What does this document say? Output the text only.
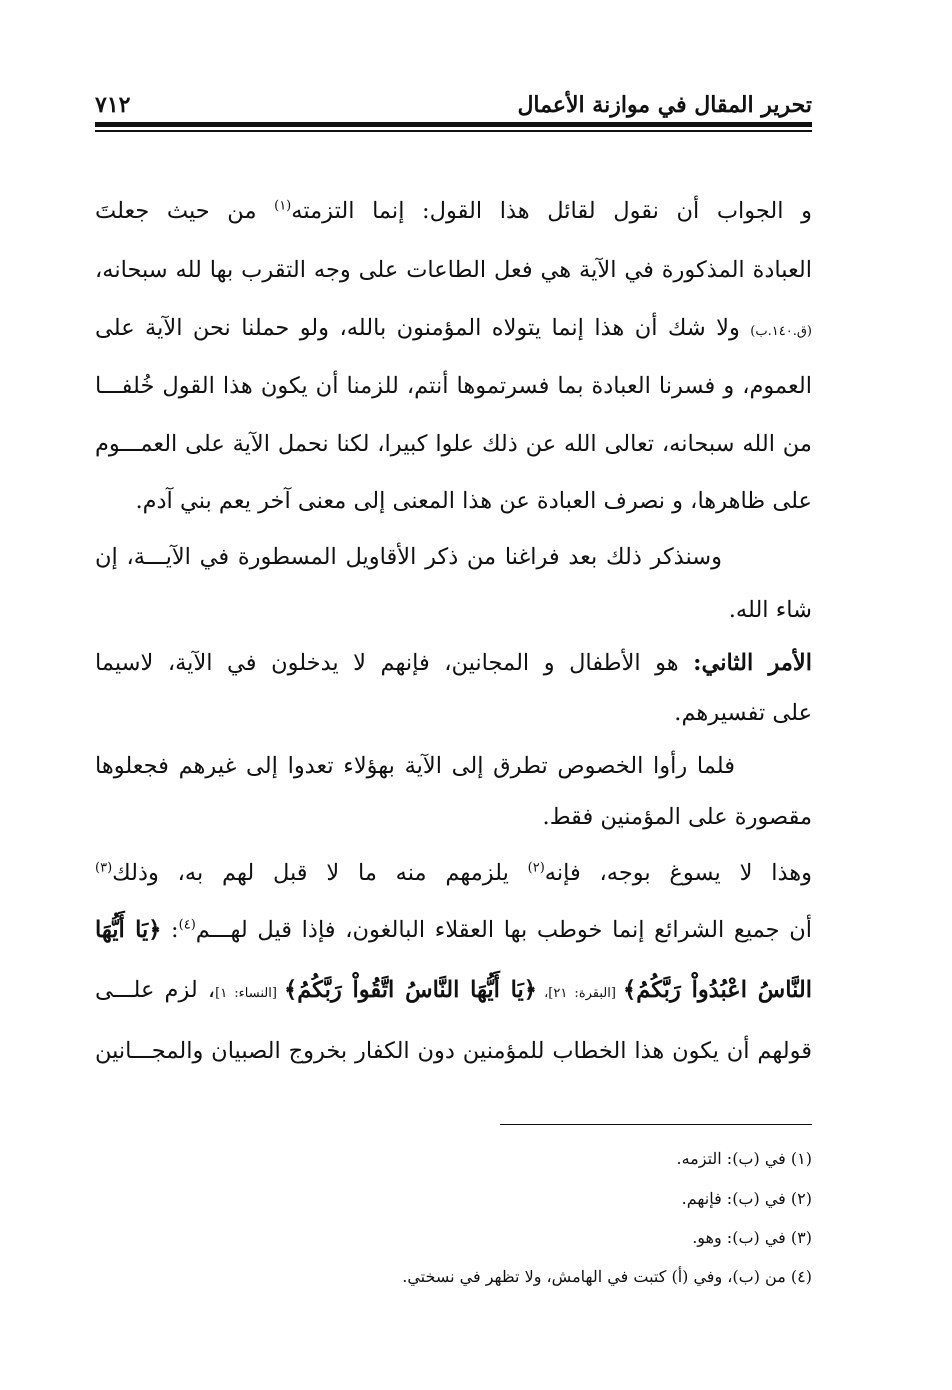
تحرير المقال في موازنة الأعمال
٧١٢
و الجواب أن نقول لقائل هذا القول: إنما التزمته$^{(١)}$ من حيث جعلتَ
العبادة المذكورة في الآية هي فعل الطاعات على وجه التقرب بها لله سبحانه،
(ق.١٤٠.ب) ولا شك أن هذا إنما يتولاه المؤمنون بالله، ولو حملنا نحن الآية على
العموم، و فسرنا العبادة بما فسرتموها أنتم، للزمنا أن يكون هذا القول خُلفـــا
من الله سبحانه، تعالى الله عن ذلك علوا كبيرا، لكنا نحمل الآية على العمـــوم
على ظاهرها، و نصرف العبادة عن هذا المعنى إلى معنى آخر يعم بني آدم.
وسنذكر ذلك بعد فراغنا من ذكر الأقاويل المسطورة في الآيـــة، إن
شاء الله.
الأمر الثاني: هو الأطفال و المجانين، فإنهم لا يدخلون في الآية، لاسيما
على تفسيرهم.
فلما رأوا الخصوص تطرق إلى الآية بهؤلاء تعدوا إلى غيرهم فجعلوها
مقصورة على المؤمنين فقط.
وهذا لا يسوغ بوجه، فإنه$^{(٢)}$ يلزمهم منه ما لا قبل لهم به، وذلك$^{(٣)}$
أن جميع الشرائع إنما خوطب بها العقلاء البالغون، فإذا قيل لهـــم$^{(٤)}$: ﴿يَا أَيُّهَا
النَّاسُ اعْبُدُواْ رَبَّكُمُ﴾ [البقرة: ٢١]، ﴿يَا أَيُّهَا النَّاسُ اتَّقُواْ رَبَّكُمُ﴾ [النساء: ١]، لزم علـــى
قولهم أن يكون هذا الخطاب للمؤمنين دون الكفار بخروج الصبيان والمجـــانين
(١) في (ب): التزمه.
(٢) في (ب): فإنهم.
(٣) في (ب): وهو.
(٤) من (ب)، وفي (أ) كتبت في الهامش، ولا تظهر في نسختي.
